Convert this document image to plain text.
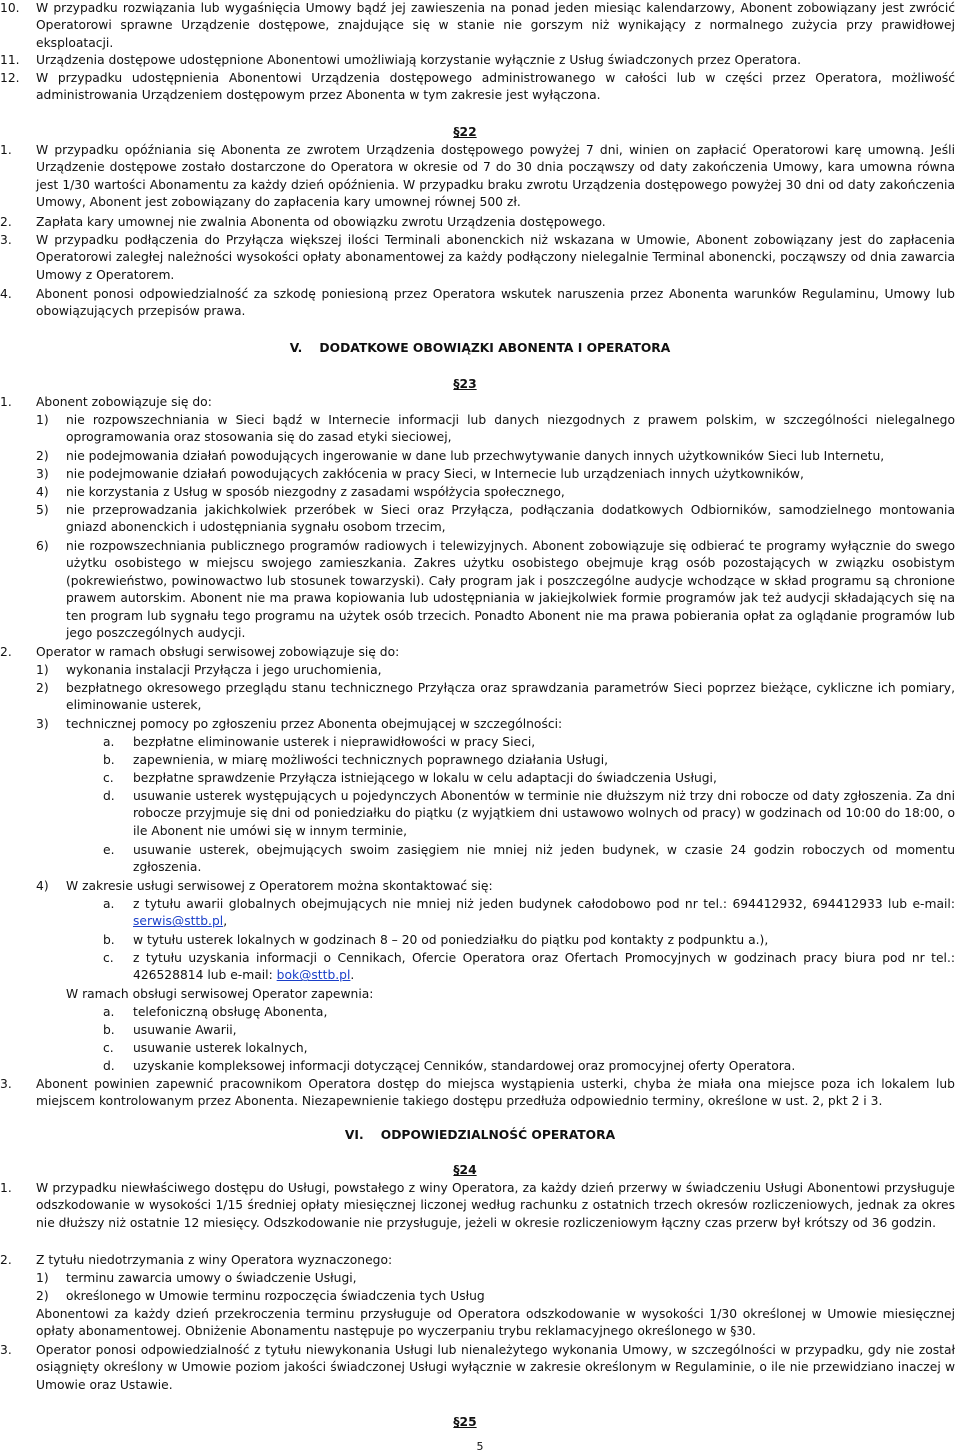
10. W przypadku rozwiązania lub wygaśnięcia Umowy bądź jej zawieszenia na ponad jeden miesiąc kalendarzowy, Abonent zobowiązany jest zwrócić Operatorowi sprawne Urządzenie dostępowe, znajdujące się w stanie nie gorszym niż wynikający z normalnego zużycia przy prawidłowej eksploatacji.
11. Urządzenia dostępowe udostępnione Abonentowi umożliwiają korzystanie wyłącznie z Usług świadczonych przez Operatora.
12. W przypadku udostępnienia Abonentowi Urządzenia dostępowego administrowanego w całości lub w części przez Operatora, możliwość administrowania Urządzeniem dostępowym przez Abonenta w tym zakresie jest wyłączona.
§22
1. W przypadku opóźniania się Abonenta ze zwrotem Urządzenia dostępowego powyżej 7 dni, winien on zapłacić Operatorowi karę umowną. Jeśli Urządzenie dostępowe zostało dostarczone do Operatora w okresie od 7 do 30 dnia począwszy od daty zakończenia Umowy, kara umowna równa jest 1/30 wartości Abonamentu za każdy dzień opóźnienia. W przypadku braku zwrotu Urządzenia dostępowego powyżej 30 dni od daty zakończenia Umowy, Abonent jest zobowiązany do zapłacenia kary umownej równej 500 zł.
2. Zapłata kary umownej nie zwalnia Abonenta od obowiązku zwrotu Urządzenia dostępowego.
3. W przypadku podłączenia do Przyłącza większej ilości Terminali abonenckich niż wskazana w Umowie, Abonent zobowiązany jest do zapłacenia Operatorowi zaległej należności wysokości opłaty abonamentowej za każdy podłączony nielegalnie Terminal abonencki, począwszy od dnia zawarcia Umowy z Operatorem.
4. Abonent ponosi odpowiedzialność za szkodę poniesioną przez Operatora wskutek naruszenia przez Abonenta warunków Regulaminu, Umowy lub obowiązujących przepisów prawa.
V. DODATKOWE OBOWIĄZKI ABONENTA I OPERATORA
§23
1. Abonent zobowiązuje się do:
1) nie rozpowszechniania w Sieci bądź w Internecie informacji lub danych niezgodnych z prawem polskim, w szczególności nielegalnego oprogramowania oraz stosowania się do zasad etyki sieciowej,
2) nie podejmowania działań powodujących ingerowanie w dane lub przechwytywanie danych innych użytkowników Sieci lub Internetu,
3) nie podejmowanie działań powodujących zakłócenia w pracy Sieci, w Internecie lub urządzeniach innych użytkowników,
4) nie korzystania z Usług w sposób niezgodny z zasadami współżycia społecznego,
5) nie przeprowadzania jakichkolwiek przeróbek w Sieci oraz Przyłącza, podłączania dodatkowych Odbiorników, samodzielnego montowania gniazd abonenckich i udostępniania sygnału osobom trzecim,
6) nie rozpowszechniania publicznego programów radiowych i telewizyjnych. Abonent zobowiązuje się odbierać te programy wyłącznie do swego użytku osobistego w miejscu swojego zamieszkania. Zakres użytku osobistego obejmuje krąg osób pozostających w związku osobistym (pokrewieństwo, powinowactwo lub stosunek towarzyski). Cały program jak i poszczególne audycje wchodzące w skład programu są chronione prawem autorskim. Abonent nie ma prawa kopiowania lub udostępniania w jakiejkolwiek formie programów jak też audycji składających się na ten program lub sygnału tego programu na użytek osób trzecich. Ponadto Abonent nie ma prawa pobierania opłat za oglądanie programów lub jego poszczególnych audycji.
2. Operator w ramach obsługi serwisowej zobowiązuje się do:
1) wykonania instalacji Przyłącza i jego uruchomienia,
2) bezpłatnego okresowego przeglądu stanu technicznego Przyłącza oraz sprawdzania parametrów Sieci poprzez bieżące, cykliczne ich pomiary, eliminowanie usterek,
3) technicznej pomocy po zgłoszeniu przez Abonenta obejmującej w szczególności:
a. bezpłatne eliminowanie usterek i nieprawidłowości w pracy Sieci,
b. zapewnienia, w miarę możliwości technicznych poprawnego działania Usługi,
c. bezpłatne sprawdzenie Przyłącza istniejącego w lokalu w celu adaptacji do świadczenia Usługi,
d. usuwanie usterek występujących u pojedynczych Abonentów w terminie nie dłuższym niż trzy dni robocze od daty zgłoszenia. Za dni robocze przyjmuje się dni od poniedziałku do piątku (z wyjątkiem dni ustawowo wolnych od pracy) w godzinach od 10:00 do 18:00, o ile Abonent nie umówi się w innym terminie,
e. usuwanie usterek, obejmujących swoim zasięgiem nie mniej niż jeden budynek, w czasie 24 godzin roboczych od momentu zgłoszenia.
4) W zakresie usługi serwisowej z Operatorem można skontaktować się:
a. z tytułu awarii globalnych obejmujących nie mniej niż jeden budynek całodobowo pod nr tel.: 694412932, 694412933 lub e-mail: serwis@sttb.pl,
b. w tytułu usterek lokalnych w godzinach 8 – 20 od poniedziałku do piątku pod kontakty z podpunktu a.),
c. z tytułu uzyskania informacji o Cennikach, Ofercie Operatora oraz Ofertach Promocyjnych w godzinach pracy biura pod nr tel.: 426528814 lub e-mail: bok@sttb.pl.
W ramach obsługi serwisowej Operator zapewnia:
a. telefoniczną obsługę Abonenta,
b. usuwanie Awarii,
c. usuwanie usterek lokalnych,
d. uzyskanie kompleksowej informacji dotyczącej Cenników, standardowej oraz promocyjnej oferty Operatora.
3. Abonent powinien zapewnić pracownikom Operatora dostęp do miejsca wystąpienia usterki, chyba że miała ona miejsce poza ich lokalem lub miejscem kontrolowanym przez Abonenta. Niezapewnienie takiego dostępu przedłuża odpowiednio terminy, określone w ust. 2, pkt 2 i 3.
VI. ODPOWIEDZIALNOŚĆ OPERATORA
§24
1. W przypadku niewłaściwego dostępu do Usługi, powstałego z winy Operatora, za każdy dzień przerwy w świadczeniu Usługi Abonentowi przysługuje odszkodowanie w wysokości 1/15 średniej opłaty miesięcznej liczonej według rachunku z ostatnich trzech okresów rozliczeniowych, jednak za okres nie dłuższy niż ostatnie 12 miesięcy. Odszkodowanie nie przysługuje, jeżeli w okresie rozliczeniowym łączny czas przerw był krótszy od 36 godzin.
2. Z tytułu niedotrzymania z winy Operatora wyznaczonego:
1) terminu zawarcia umowy o świadczenie Usługi,
2) określonego w Umowie terminu rozpoczęcia świadczenia tych Usług
Abonentowi za każdy dzień przekroczenia terminu przysługuje od Operatora odszkodowanie w wysokości 1/30 określonej w Umowie miesięcznej opłaty abonamentowej. Obniżenie Abonamentu następuje po wyczerpaniu trybu reklamacyjnego określonego w §30.
3. Operator ponosi odpowiedzialność z tytułu niewykonania Usługi lub nienależytego wykonania Umowy, w szczególności w przypadku, gdy nie został osiągnięty określony w Umowie poziom jakości świadczonej Usługi wyłącznie w zakresie określonym w Regulaminie, o ile nie przewidziano inaczej w Umowie oraz Ustawie.
§25
5
